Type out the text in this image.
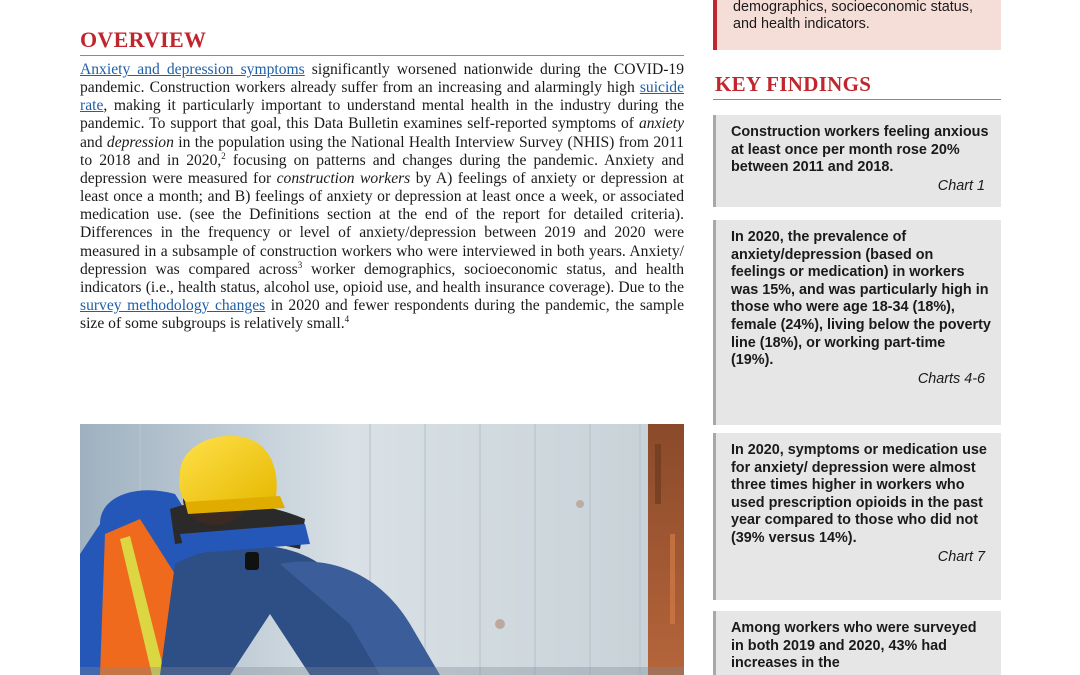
OVERVIEW

Anxiety and depression symptoms significantly worsened nationwide during the COVID-19 pandemic. Construction workers already suffer from an increasing and alarmingly high suicide rate, making it particularly important to understand mental health in the industry during the pandemic. To support that goal, this Data Bulletin examines self-reported symptoms of anxiety and depression in the population using the National Health Interview Survey (NHIS) from 2011 to 2018 and in 2020,$^2$ focusing on patterns and changes during the pandemic. Anxiety and depression were measured for construction workers by A) feelings of anxiety or depression at least once a month; and B) feelings of anxiety or depression at least once a week, or associated medication use. (see the Definitions section at the end of the report for detailed criteria). Differences in the frequency or level of anxiety/depression between 2019 and 2020 were measured in a subsample of construction workers who were interviewed in both years. Anxiety/ depression was compared across$^3$ worker demographics, socioeconomic status, and health indicators (i.e., health status, alcohol use, opioid use, and health insurance coverage). Due to the survey methodology changes in 2020 and fewer respondents during the pandemic, the sample size of some subgroups is relatively small.$^4$

demographics, socioeconomic status, and health indicators.

KEY FINDINGS

Construction workers feeling anxious at least once per month rose 20% between 2011 and 2018.

Chart 1

In 2020, the prevalence of anxiety/depression (based on feelings or medication) in workers was 15%, and was particularly high in those who were age 18-34 (18%), female (24%), living below the poverty line (18%), or working part-time (19%).

Charts 4-6

In 2020, symptoms or medication use for anxiety/ depression were almost three times higher in workers who used prescription opioids in the past year compared to those who did not (39% versus 14%).

Chart 7

Among workers who were surveyed in both 2019 and 2020, 43% had increases in the
